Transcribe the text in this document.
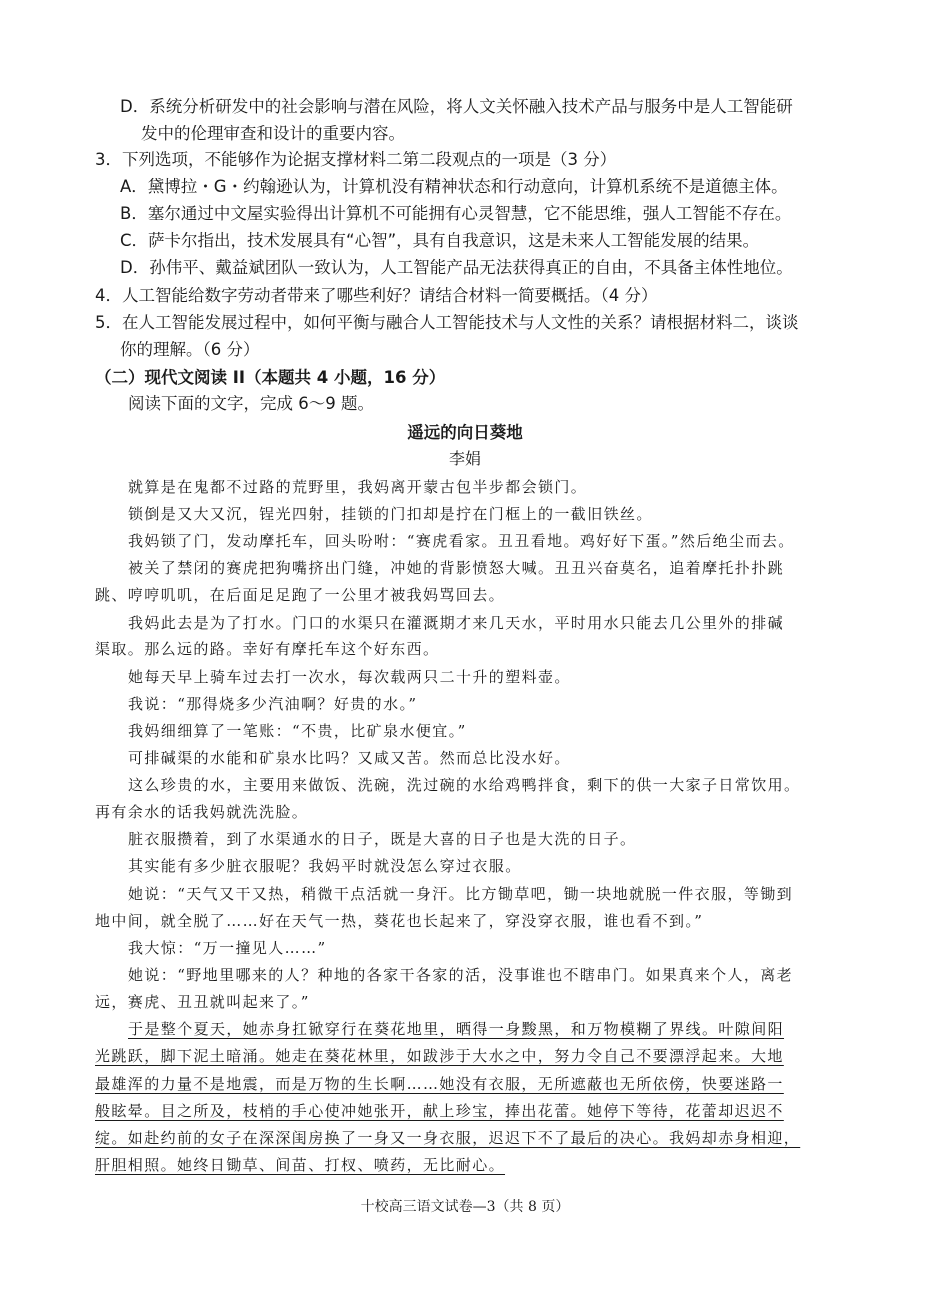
D．系统分析研发中的社会影响与潜在风险，将人文关怀融入技术产品与服务中是人工智能研
发中的伦理审查和设计的重要内容。
3．下列选项，不能够作为论据支撑材料二第二段观点的一项是（3 分）
A．黛博拉・G・约翰逊认为，计算机没有精神状态和行动意向，计算机系统不是道德主体。
B．塞尔通过中文屋实验得出计算机不可能拥有心灵智慧，它不能思维，强人工智能不存在。
C．萨卡尔指出，技术发展具有“心智”，具有自我意识，这是未来人工智能发展的结果。
D．孙伟平、戴益斌团队一致认为，人工智能产品无法获得真正的自由，不具备主体性地位。
4．人工智能给数字劳动者带来了哪些利好？请结合材料一简要概括。（4 分）
5．在人工智能发展过程中，如何平衡与融合人工智能技术与人文性的关系？请根据材料二，谈谈
你的理解。（6 分）
（二）现代文阅读 II（本题共 4 小题，16 分）
阅读下面的文字，完成 6～9 题。
遥远的向日葵地
李娟
就算是在鬼都不过路的荒野里，我妈离开蒙古包半步都会锁门。
锁倒是又大又沉，锃光四射，挂锁的门扣却是拧在门框上的一截旧铁丝。
我妈锁了门，发动摩托车，回头吩咐：“赛虎看家。丑丑看地。鸡好好下蛋。”然后绝尘而去。
被关了禁闭的赛虎把狗嘴挤出门缝，冲她的背影愤怒大喊。丑丑兴奋莫名，追着摩托扑扑跳
跳、哼哼叽叽，在后面足足跑了一公里才被我妈骂回去。
我妈此去是为了打水。门口的水渠只在灌溉期才来几天水，平时用水只能去几公里外的排碱
渠取。那么远的路。幸好有摩托车这个好东西。
她每天早上骑车过去打一次水，每次载两只二十升的塑料壶。
我说：“那得烧多少汽油啊？好贵的水。”
我妈细细算了一笔账：“不贵，比矿泉水便宜。”
可排碱渠的水能和矿泉水比吗？又咸又苦。然而总比没水好。
这么珍贵的水，主要用来做饭、洗碗，洗过碗的水给鸡鸭拌食，剩下的供一大家子日常饮用。
再有余水的话我妈就洗洗脸。
脏衣服攒着，到了水渠通水的日子，既是大喜的日子也是大洗的日子。
其实能有多少脏衣服呢？我妈平时就没怎么穿过衣服。
她说：“天气又干又热，稍微干点活就一身汗。比方锄草吧，锄一块地就脱一件衣服，等锄到
地中间，就全脱了……好在天气一热，葵花也长起来了，穿没穿衣服，谁也看不到。”
我大惊：“万一撞见人……”
她说：“野地里哪来的人？种地的各家干各家的活，没事谁也不瞎串门。如果真来个人，离老
远，赛虎、丑丑就叫起来了。”
于是整个夏天，她赤身扛锨穿行在葵花地里，晒得一身黢黑，和万物模糊了界线。叶隙间阳
光跳跃，脚下泥土暗涌。她走在葵花林里，如跋涉于大水之中，努力令自己不要漂浮起来。大地
最雄浑的力量不是地震，而是万物的生长啊……她没有衣服，无所遮蔽也无所依傍，快要迷路一
般眩晕。目之所及，枝梢的手心使冲她张开，献上珍宝，捧出花蕾。她停下等待，花蕾却迟迟不
绽。如赴约前的女子在深深闺房换了一身又一身衣服，迟迟下不了最后的决心。我妈却赤身相迎，
肝胆相照。她终日锄草、间苗、打杈、喷药，无比耐心。
十校高三语文试卷—3（共 8 页）
